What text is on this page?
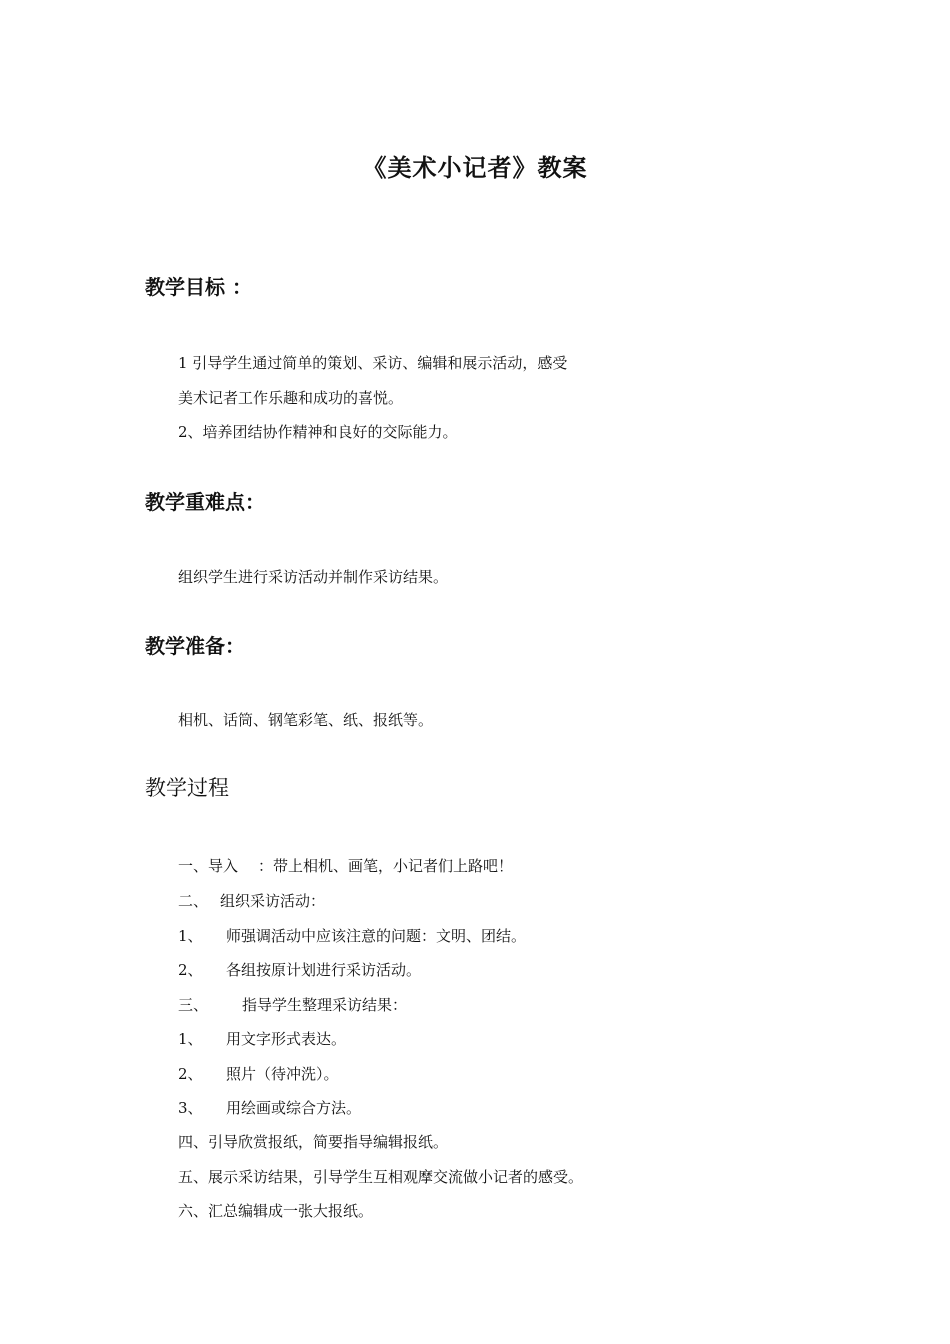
《美术小记者》教案
教学目标 ：
1 引导学生通过简单的策划、采访、编辑和展示活动，感受
美术记者工作乐趣和成功的喜悦。
2、培养团结协作精神和良好的交际能力。
教学重难点：
组织学生进行采访活动并制作采访结果。
教学准备：
相机、话筒、钢笔彩笔、纸、报纸等。
教学过程
一、导入 ：带上相机、画笔，小记者们上路吧！
二、 组织采访活动：
1、 师强调活动中应该注意的问题：文明、团结。
2、 各组按原计划进行采访活动。
三、 指导学生整理采访结果：
1、 用文字形式表达。
2、 照片（待冲洗）。
3、 用绘画或综合方法。
四、引导欣赏报纸，简要指导编辑报纸。
五、展示采访结果，引导学生互相观摩交流做小记者的感受。
六、汇总编辑成一张大报纸。
